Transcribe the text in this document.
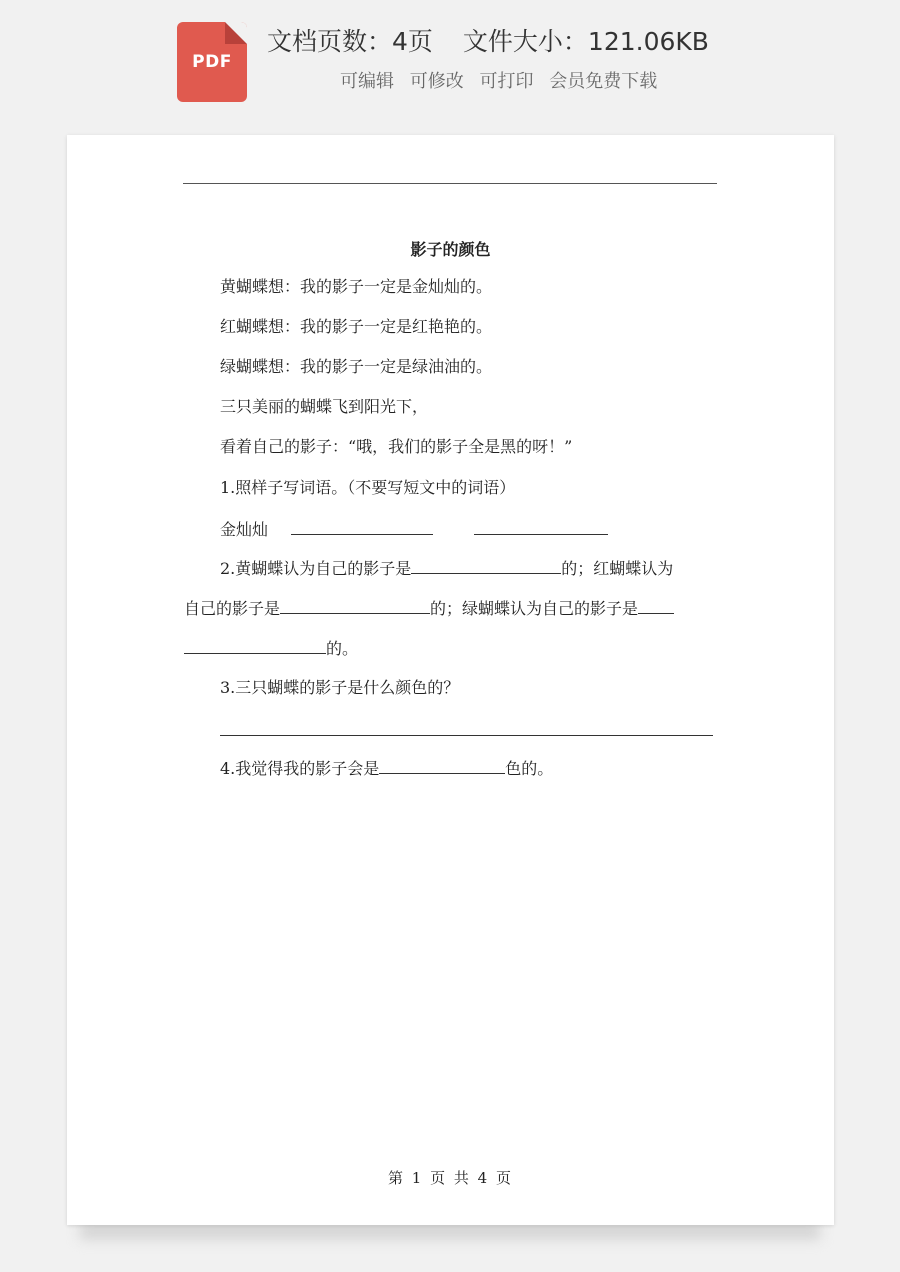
PDF
文档页数：4页 文件大小：121.06KB
可编辑 可修改 可打印 会员免费下载
影子的颜色
黄蝴蝶想：我的影子一定是金灿灿的。
红蝴蝶想：我的影子一定是红艳艳的。
绿蝴蝶想：我的影子一定是绿油油的。
三只美丽的蝴蝶飞到阳光下，
看着自己的影子：“哦，我们的影子全是黑的呀！”
1.照样子写词语。（不要写短文中的词语）
金灿灿
2.黄蝴蝶认为自己的影子是	的；红蝴蝶认为
自己的影子是	的；绿蝴蝶认为自己的影子是
的。
3.三只蝴蝶的影子是什么颜色的？
4.我觉得我的影子会是	色的。
第 1 页 共 4 页
